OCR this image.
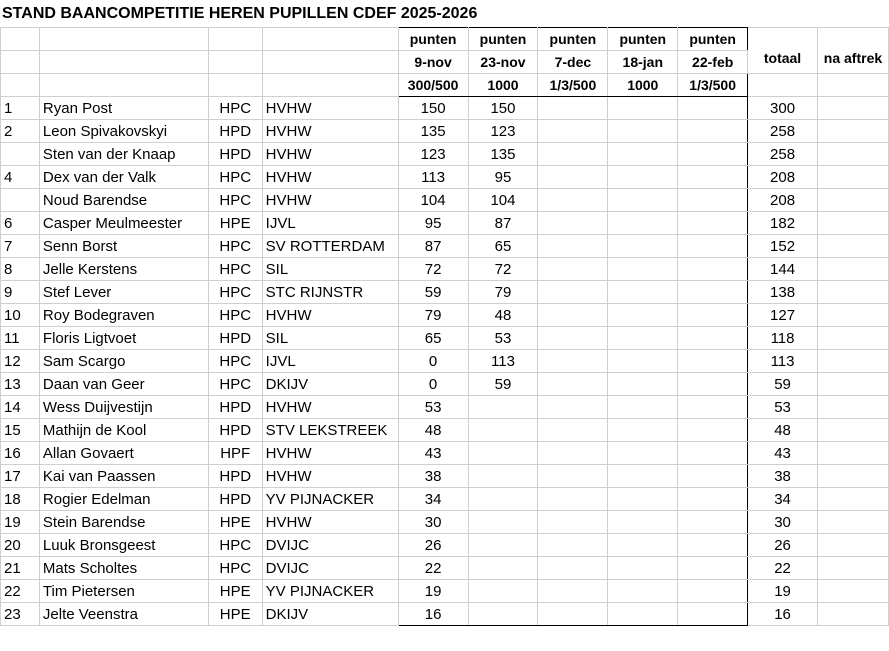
STAND BAANCOMPETITIE HEREN PUPILLEN CDEF 2025-2026
				punten	punten	punten	punten	punten	totaal	na aftrek
				9-nov	23-nov	7-dec	18-jan	22-feb		
				300/500	1000	1/3/500	1000	1/3/500		
1	Ryan Post	HPC	HVHW	150	150				300	
2	Leon Spivakovskyi	HPD	HVHW	135	123				258	
	Sten van der Knaap	HPD	HVHW	123	135				258	
4	Dex van der Valk	HPC	HVHW	113	95				208	
	Noud Barendse	HPC	HVHW	104	104				208	
6	Casper Meulmeester	HPE	IJVL	95	87				182	
7	Senn Borst	HPC	SV ROTTERDAM	87	65				152	
8	Jelle Kerstens	HPC	SIL	72	72				144	
9	Stef Lever	HPC	STC RIJNSTR	59	79				138	
10	Roy Bodegraven	HPC	HVHW	79	48				127	
11	Floris Ligtvoet	HPD	SIL	65	53				118	
12	Sam Scargo	HPC	IJVL	0	113				113	
13	Daan van Geer	HPC	DKIJV	0	59				59	
14	Wess Duijvestijn	HPD	HVHW	53					53	
15	Mathijn de Kool	HPD	STV LEKSTREEK	48					48	
16	Allan Govaert	HPF	HVHW	43					43	
17	Kai van Paassen	HPD	HVHW	38					38	
18	Rogier Edelman	HPD	YV PIJNACKER	34					34	
19	Stein Barendse	HPE	HVHW	30					30	
20	Luuk Bronsgeest	HPC	DVIJC	26					26	
21	Mats Scholtes	HPC	DVIJC	22					22	
22	Tim Pietersen	HPE	YV PIJNACKER	19					19	
23	Jelte Veenstra	HPE	DKIJV	16					16	
